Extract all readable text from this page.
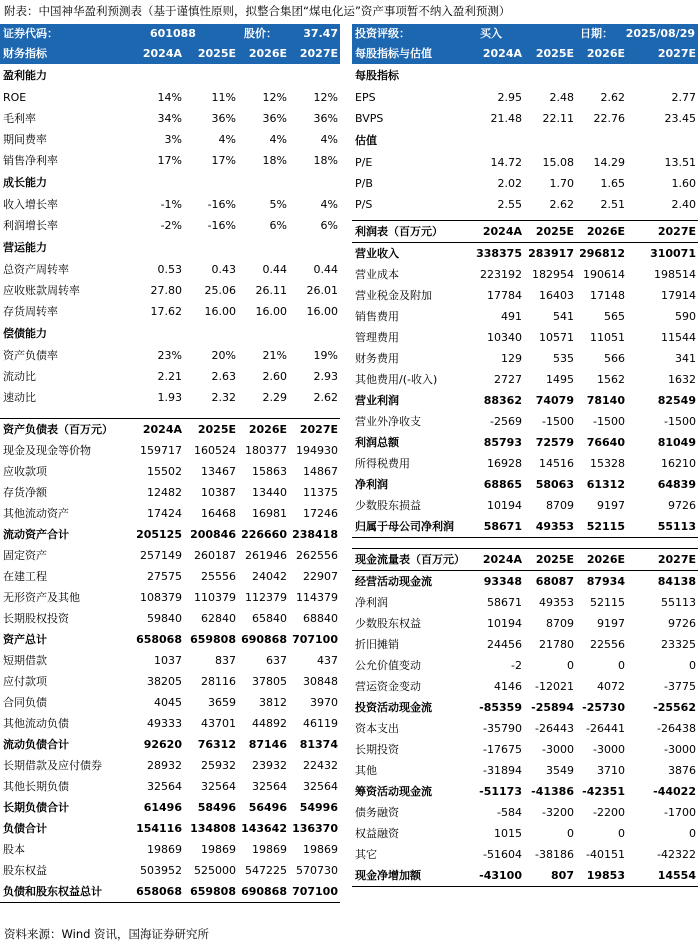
附表：中国神华盈利预测表（基于谨慎性原则，拟整合集团“煤电化运”资产事项暂不纳入盈利预测）
证券代码：	601088	股价：	37.47
财务指标	2024A	2025E	2026E	2027E
盈利能力
ROE	14%	11%	12%	12%
毛利率	34%	36%	36%	36%
期间费率	3%	4%	4%	4%
销售净利率	17%	17%	18%	18%
成长能力
收入增长率	-1%	-16%	5%	4%
利润增长率	-2%	-16%	6%	6%
营运能力
总资产周转率	0.53	0.43	0.44	0.44
应收账款周转率	27.80	25.06	26.11	26.01
存货周转率	17.62	16.00	16.00	16.00
偿债能力
资产负债率	23%	20%	21%	19%
流动比	2.21	2.63	2.60	2.93
速动比	1.93	2.32	2.29	2.62
资产负债表（百万元）	2024A	2025E	2026E	2027E
现金及现金等价物	159717	160524 180377 194930
应收款项	15502	13467	15863	14867
存货净额	12482	10387	13440	11375
其他流动资产	17424	16468	16981	17246
流动资产合计	205125 200846 226660 238418
固定资产	257149	260187 261946 262556
在建工程	27575	25556	24042	22907
无形资产及其他	108379	110379 112379 114379
长期股权投资	59840	62840	65840	68840
资产总计	658068 659808 690868 707100
短期借款	1037	837	637	437
应付款项	38205	28116	37805	30848
合同负债	4045	3659	3812	3970
其他流动负债	49333	43701	44892	46119
流动负债合计	92620	76312	87146	81374
长期借款及应付债券	28932	25932	23932	22432
其他长期负债	32564	32564	32564	32564
长期负债合计	61496	58496	56496	54996
负债合计	154116 134808 143642 136370
股本	19869	19869	19869	19869
股东权益	503952	525000 547225 570730
负债和股东权益总计	658068 659808 690868 707100
投资评级：	买入	日期：	2025/08/29
每股指标与估值	2024A	2025E	2026E	2027E
每股指标
EPS	2.95	2.48	2.62	2.77
BVPS	21.48	22.11	22.76	23.45
估值
P/E	14.72	15.08	14.29	13.51
P/B	2.02	1.70	1.65	1.60
P/S	2.55	2.62	2.51	2.40
利润表（百万元）	2024A	2025E	2026E	2027E
营业收入	338375 283917 296812	310071
营业成本	223192 182954 190614	198514
营业税金及附加	17784	16403	17148	17914
销售费用	491	541	565	590
管理费用	10340	10571	11051	11544
财务费用	129	535	566	341
其他费用/(-收入)	2727	1495	1562	1632
营业利润	88362	74079	78140	82549
营业外净收支	-2569	-1500	-1500	-1500
利润总额	85793	72579	76640	81049
所得税费用	16928	14516	15328	16210
净利润	68865	58063	61312	64839
少数股东损益	10194	8709	9197	9726
归属于母公司净利润	58671	49353	52115	55113
现金流量表（百万元）	2024A	2025E	2026E	2027E
经营活动现金流	93348	68087	87934	84138
净利润	58671	49353	52115	55113
少数股东权益	10194	8709	9197	9726
折旧摊销	24456	21780	22556	23325
公允价值变动	-2	0	0	0
营运资金变动	4146	-12021	4072	-3775
投资活动现金流	-85359 -25894 -25730	-25562
资本支出	-35790	-26443	-26441	-26438
长期投资	-17675	-3000	-3000	-3000
其他	-31894	3549	3710	3876
筹资活动现金流	-51173 -41386 -42351	-44022
债务融资	-584	-3200	-2200	-1700
权益融资	1015	0	0	0
其它	-51604	-38186	-40151	-42322
现金净增加额	-43100	807	19853	14554
资料来源：Wind 资讯，国海证券研究所
